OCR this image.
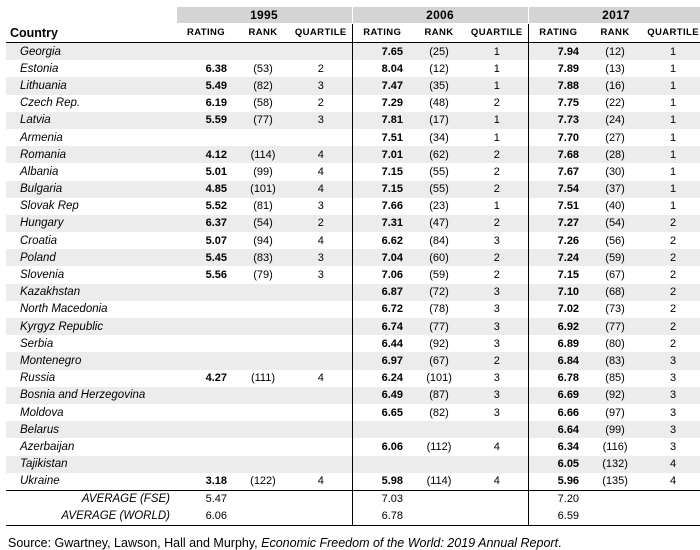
	1995			2006			2017		
Country	RATING	RANK	QUARTILE	RATING	RANK	QUARTILE	RATING	RANK	QUARTILE
Georgia				7.65	(25)	1	7.94	(12)	1
Estonia	6.38	(53)	2	8.04	(12)	1	7.89	(13)	1
Lithuania	5.49	(82)	3	7.47	(35)	1	7.88	(16)	1
Czech Rep.	6.19	(58)	2	7.29	(48)	2	7.75	(22)	1
Latvia	5.59	(77)	3	7.81	(17)	1	7.73	(24)	1
Armenia				7.51	(34)	1	7.70	(27)	1
Romania	4.12	(114)	4	7.01	(62)	2	7.68	(28)	1
Albania	5.01	(99)	4	7.15	(55)	2	7.67	(30)	1
Bulgaria	4.85	(101)	4	7.15	(55)	2	7.54	(37)	1
Slovak Rep	5.52	(81)	3	7.66	(23)	1	7.51	(40)	1
Hungary	6.37	(54)	2	7.31	(47)	2	7.27	(54)	2
Croatia	5.07	(94)	4	6.62	(84)	3	7.26	(56)	2
Poland	5.45	(83)	3	7.04	(60)	2	7.24	(59)	2
Slovenia	5.56	(79)	3	7.06	(59)	2	7.15	(67)	2
Kazakhstan				6.87	(72)	3	7.10	(68)	2
North Macedonia				6.72	(78)	3	7.02	(73)	2
Kyrgyz Republic				6.74	(77)	3	6.92	(77)	2
Serbia				6.44	(92)	3	6.89	(80)	2
Montenegro				6.97	(67)	2	6.84	(83)	3
Russia	4.27	(111)	4	6.24	(101)	3	6.78	(85)	3
Bosnia and Herzegovina				6.49	(87)	3	6.69	(92)	3
Moldova				6.65	(82)	3	6.66	(97)	3
Belarus							6.64	(99)	3
Azerbaijan				6.06	(112)	4	6.34	(116)	3
Tajikistan							6.05	(132)	4
Ukraine	3.18	(122)	4	5.98	(114)	4	5.96	(135)	4
AVERAGE (FSE)	5.47			7.03			7.20		
AVERAGE (WORLD)	6.06			6.78			6.59		
Source: Gwartney, Lawson, Hall and Murphy, Economic Freedom of the World: 2019 Annual Report.
